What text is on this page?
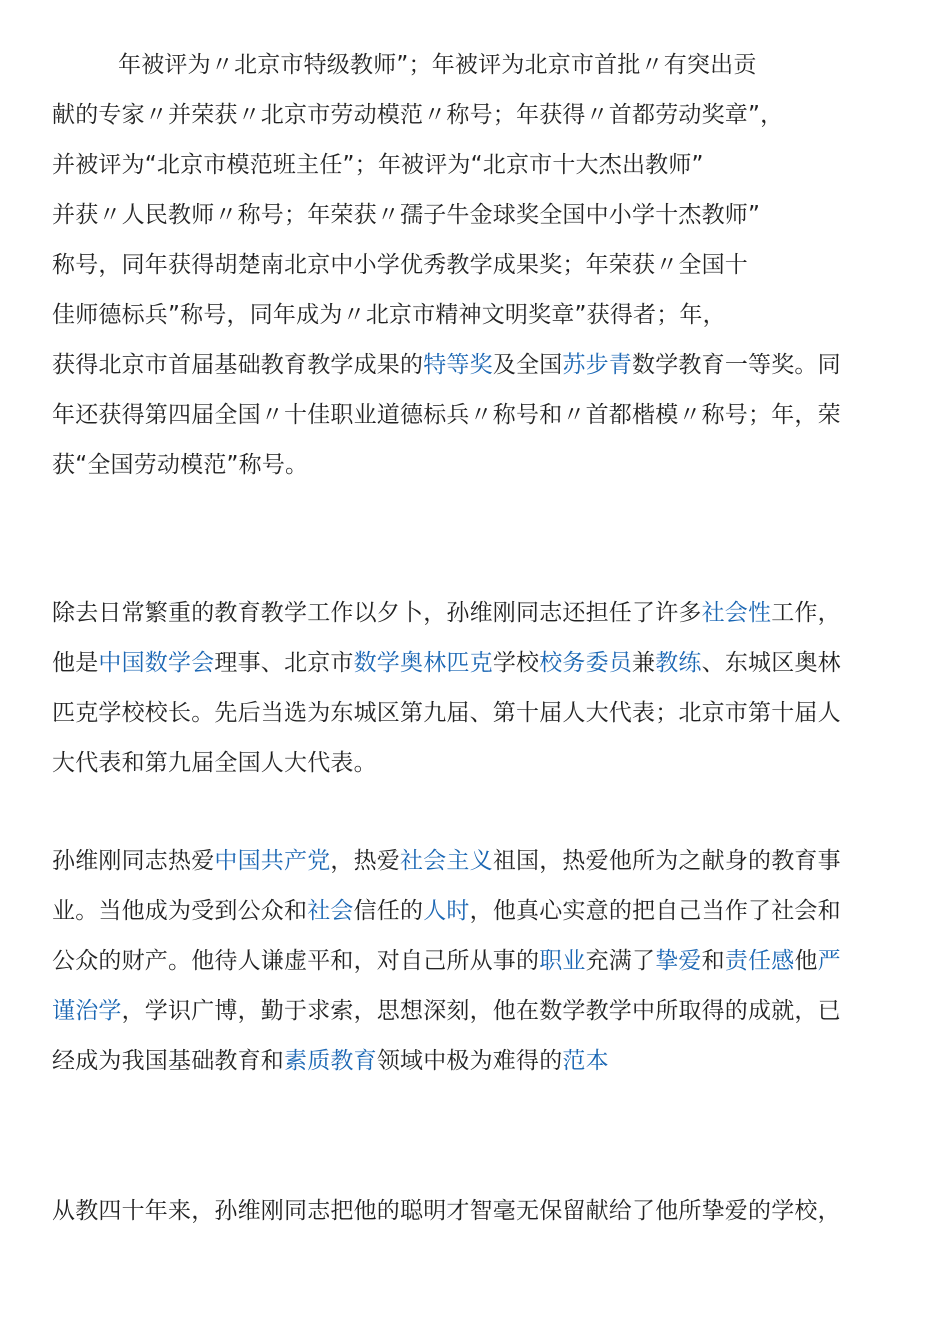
年被评为〃北京市特级教师”；年被评为北京市首批〃有突出贡
献的专家〃并荣获〃北京市劳动模范〃称号；年获得〃首都劳动奖章”，
并被评为“北京市模范班主任”；年被评为“北京市十大杰出教师”
并获〃人民教师〃称号；年荣获〃孺子牛金球奖全国中小学十杰教师”
称号，同年获得胡楚南北京中小学优秀教学成果奖；年荣获〃全国十
佳师德标兵”称号，同年成为〃北京市精神文明奖章”获得者；年，
获得北京市首届基础教育教学成果的特等奖及全国苏步青数学教育一等奖。同
年还获得第四届全国〃十佳职业道德标兵〃称号和〃首都楷模〃称号；年，荣
获“全国劳动模范”称号。
除去日常繁重的教育教学工作以夕卜，孙维刚同志还担任了许多社会性工作，
他是中国数学会理事、北京市数学奥林匹克学校校务委员兼教练、东城区奥林
匹克学校校长。先后当选为东城区第九届、第十届人大代表；北京市第十届人
大代表和第九届全国人大代表。
孙维刚同志热爱中国共产党，热爱社会主义祖国，热爱他所为之献身的教育事
业。当他成为受到公众和社会信任的人时，他真心实意的把自己当作了社会和
公众的财产。他待人谦虚平和，对自己所从事的职业充满了挚爱和责任感他严
谨治学，学识广博，勤于求索，思想深刻，他在数学教学中所取得的成就，已
经成为我国基础教育和素质教育领域中极为难得的范本
从教四十年来，孙维刚同志把他的聪明才智毫无保留献给了他所挚爱的学校，
